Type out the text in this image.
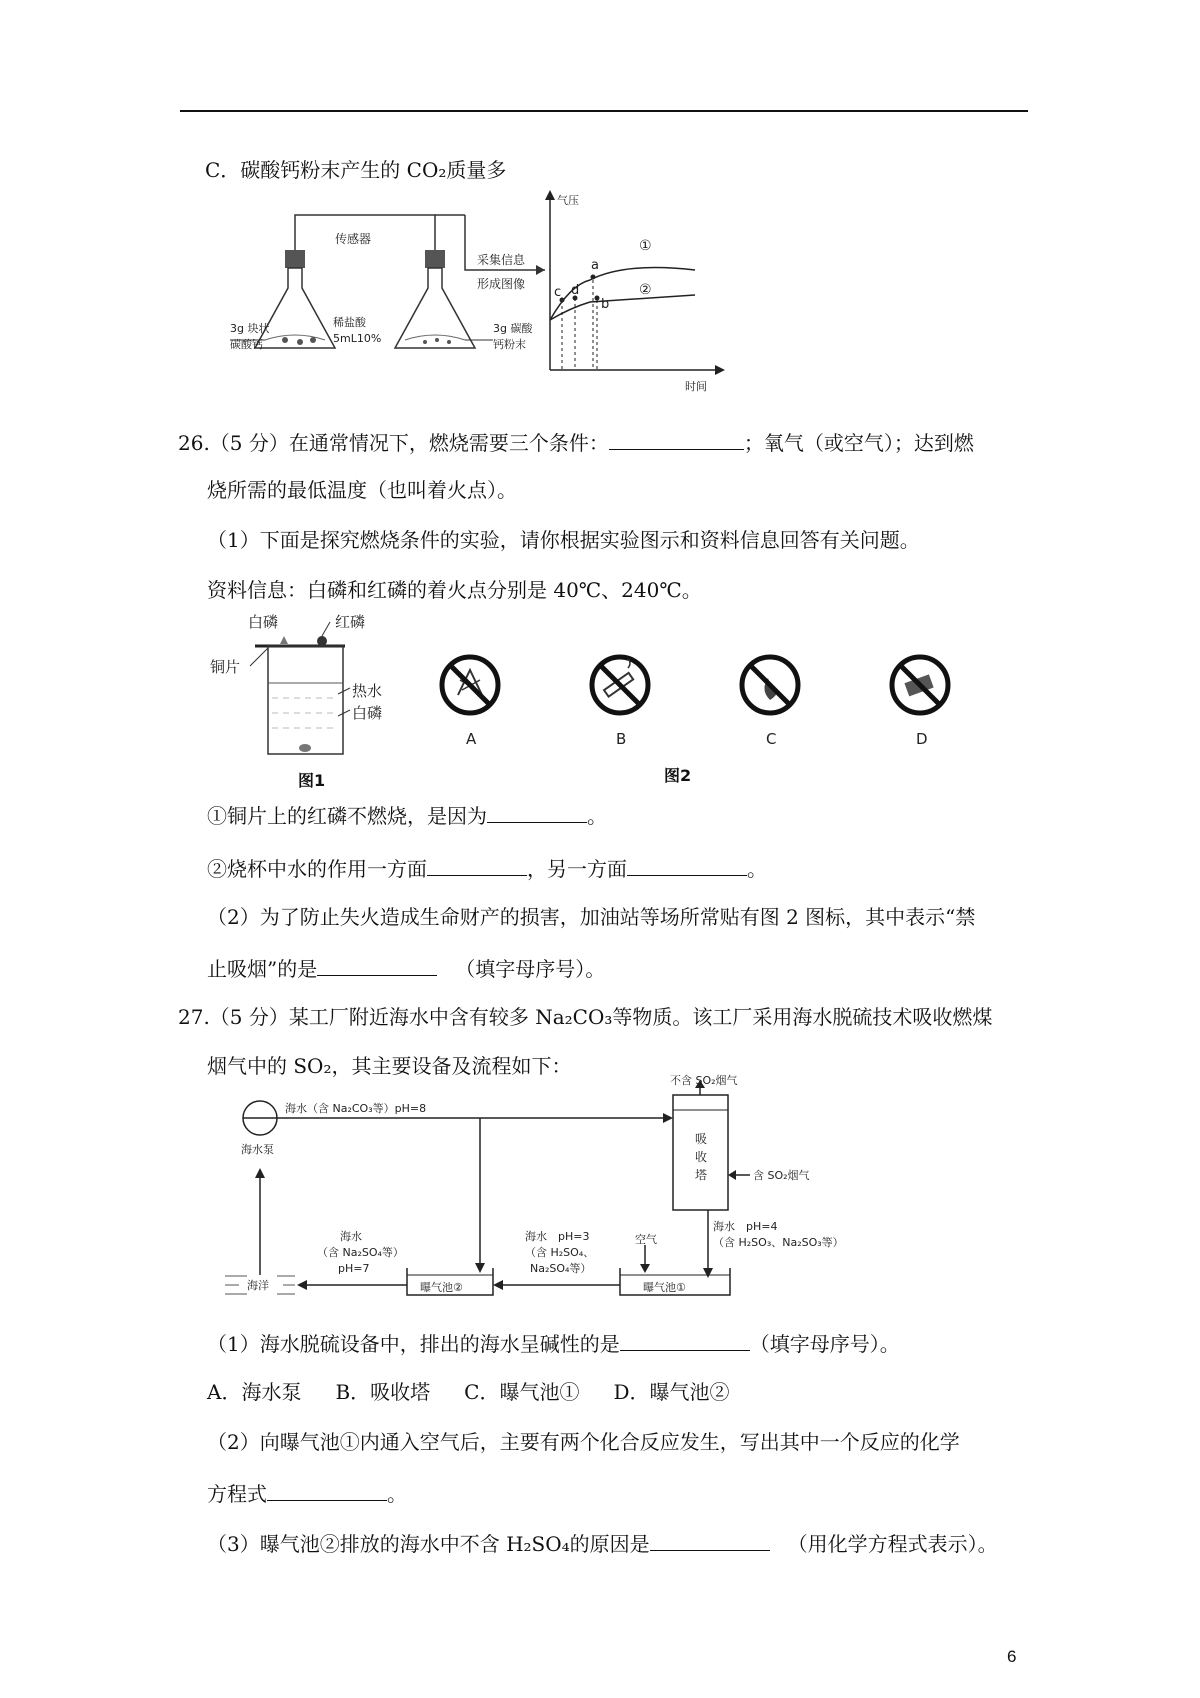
C．碳酸钙粉末产生的 CO₂质量多
传感器
采集信息
形成图像
3g 块状
碳酸钙
稀盐酸
5mL10%
3g 碳酸
钙粉末
气压
时间
c d
a
b
①
②
26.（5 分）在通常情况下，燃烧需要三个条件：	；氧气（或空气）；达到燃
烧所需的最低温度（也叫着火点）。
（1）下面是探究燃烧条件的实验，请你根据实验图示和资料信息回答有关问题。
资料信息：白磷和红磷的着火点分别是 40℃、240℃。
白磷	红磷
铜片
热水
白磷
图1
A	B	C	D
图2
①铜片上的红磷不燃烧，是因为	。
②烧杯中水的作用一方面	，另一方面	。
（2）为了防止失火造成生命财产的损害，加油站等场所常贴有图 2 图标，其中表示“禁
止吸烟”的是	（填字母序号）。
27.（5 分）某工厂附近海水中含有较多 Na₂CO₃等物质。该工厂采用海水脱硫技术吸收燃煤
烟气中的 SO₂，其主要设备及流程如下：
海水泵
海水（含 Na₂CO₃等）pH=8
吸
收
塔
不含 SO₂烟气
含 SO₂烟气
海水　pH=4
（含 H₂SO₃、Na₂SO₃等）
曝气池①
空气
海水　pH=3
（含 H₂SO₄、
Na₂SO₄等）
曝气池②
海水
（含 Na₂SO₄等）
pH=7
海洋
（1）海水脱硫设备中，排出的海水呈碱性的是	（填字母序号）。
A．海水泵 B．吸收塔 C．曝气池① D．曝气池②
（2）向曝气池①内通入空气后，主要有两个化合反应发生，写出其中一个反应的化学
方程式	。
（3）曝气池②排放的海水中不含 H₂SO₄的原因是	（用化学方程式表示）。
6
